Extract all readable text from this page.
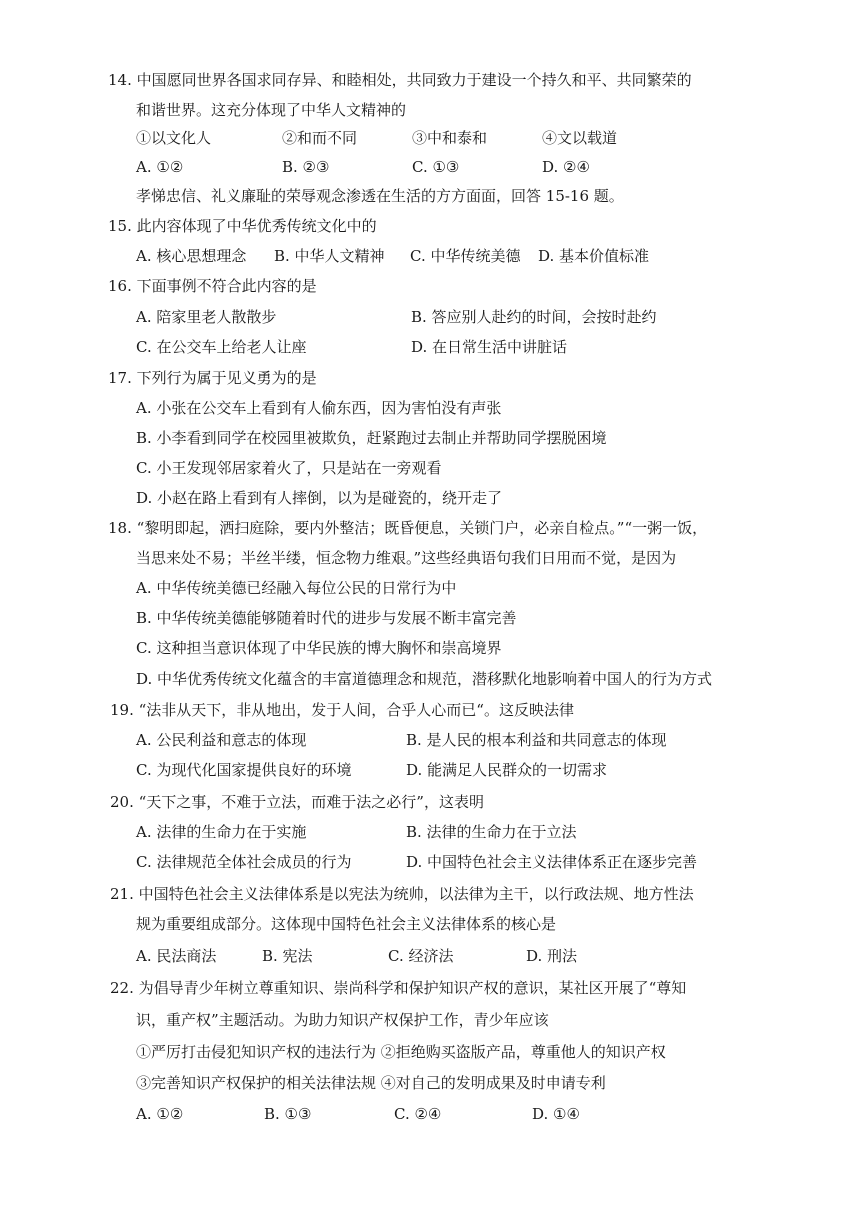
14. 中国愿同世界各国求同存异、和睦相处，共同致力于建设一个持久和平、共同繁荣的
和谐世界。这充分体现了中华人文精神的
①以文化人	②和而不同	③中和泰和	④文以载道
A. ①②	B. ②③	C. ①③	D. ②④
孝悌忠信、礼义廉耻的荣辱观念渗透在生活的方方面面，回答 15-16 题。
15. 此内容体现了中华优秀传统文化中的
A. 核心思想理念 B. 中华人文精神 C. 中华传统美德 D. 基本价值标准
16. 下面事例不符合此内容的是
A. 陪家里老人散散步	B. 答应别人赴约的时间，会按时赴约
C. 在公交车上给老人让座	D. 在日常生活中讲脏话
17. 下列行为属于见义勇为的是
A. 小张在公交车上看到有人偷东西，因为害怕没有声张
B. 小李看到同学在校园里被欺负，赶紧跑过去制止并帮助同学摆脱困境
C. 小王发现邻居家着火了，只是站在一旁观看
D. 小赵在路上看到有人摔倒，以为是碰瓷的，绕开走了
18. “黎明即起，洒扫庭除，要内外整洁；既昏便息，关锁门户，必亲自检点。”“一粥一饭，
当思来处不易；半丝半缕，恒念物力维艰。”这些经典语句我们日用而不觉，是因为
A. 中华传统美德已经融入每位公民的日常行为中
B. 中华传统美德能够随着时代的进步与发展不断丰富完善
C. 这种担当意识体现了中华民族的博大胸怀和崇高境界
D. 中华优秀传统文化蕴含的丰富道德理念和规范，潜移默化地影响着中国人的行为方式
19. “法非从天下，非从地出，发于人间，合乎人心而已“。这反映法律
A. 公民利益和意志的体现	B. 是人民的根本利益和共同意志的体现
C. 为现代化国家提供良好的环境	D. 能满足人民群众的一切需求
20. “天下之事，不难于立法，而难于法之必行”，这表明
A. 法律的生命力在于实施	B. 法律的生命力在于立法
C. 法律规范全体社会成员的行为	D. 中国特色社会主义法律体系正在逐步完善
21. 中国特色社会主义法律体系是以宪法为统帅，以法律为主干，以行政法规、地方性法
规为重要组成部分。这体现中国特色社会主义法律体系的核心是
A. 民法商法	B. 宪法	C. 经济法	D. 刑法
22. 为倡导青少年树立尊重知识、崇尚科学和保护知识产权的意识，某社区开展了“尊知
识，重产权”主题活动。为助力知识产权保护工作，青少年应该
①严厉打击侵犯知识产权的违法行为 ②拒绝购买盗版产品，尊重他人的知识产权
③完善知识产权保护的相关法律法规 ④对自己的发明成果及时申请专利
A. ①②	B. ①③	C. ②④	D. ①④
